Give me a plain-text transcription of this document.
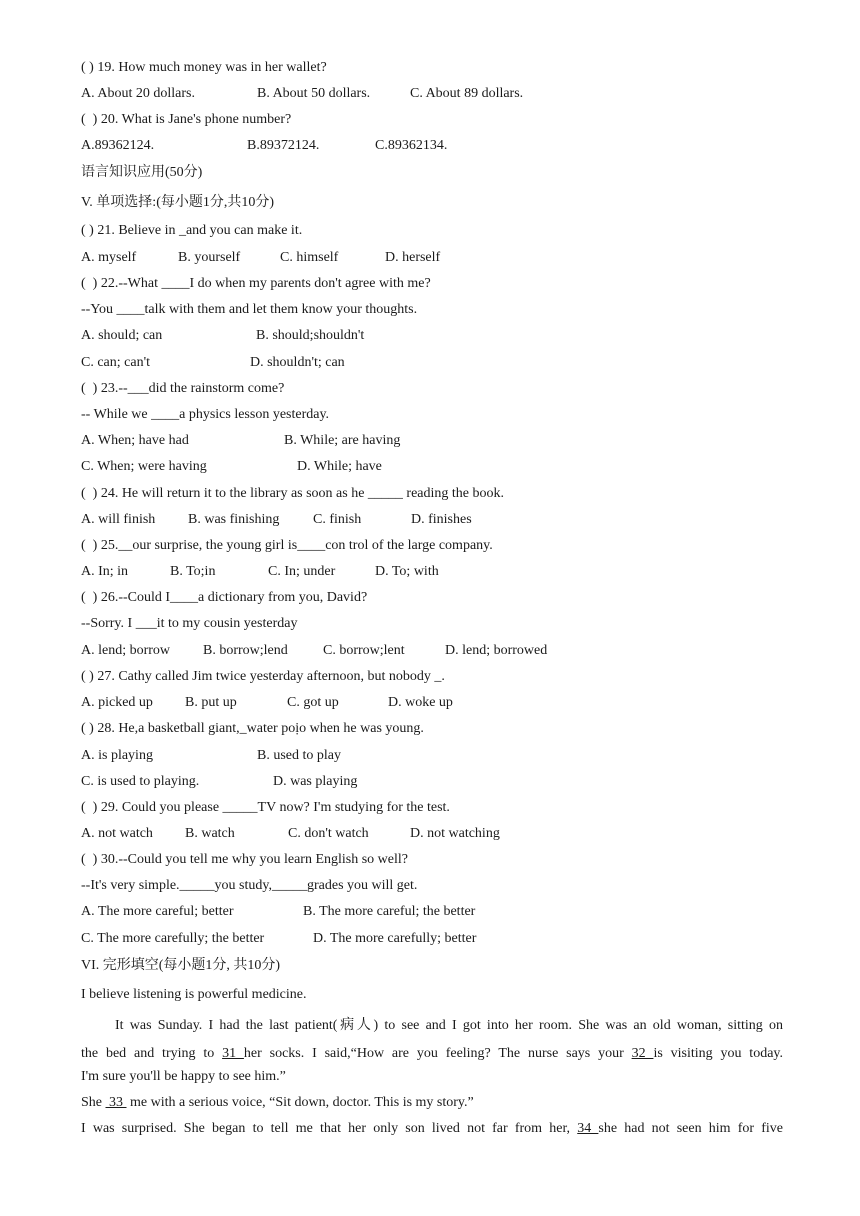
( ) 19. How much money was in her wallet?
A. About 20 dollars.	B. About 50 dollars.	C. About 89 dollars.
(  ) 20. What is Jane's phone number?
A.89362124.	B.89372124.	C.89362134.
语言知识应用(50分)
V. 单项选择:(每小题1分,共10分)
( ) 21. Believe in _and you can make it.
A. myself	B. yourself	C. himself	D. herself
(  ) 22.--What ____I do when my parents don't agree with me?
--You ____talk with them and let them know your thoughts.
A. should; can	B. should;shouldn't
C. can; can't	D. shouldn't; can
(  ) 23.--___did the rainstorm come?
-- While we ____a physics lesson yesterday.
A. When; have had	B. While; are having
C. When; were having	D. While; have
(  ) 24. He will return it to the library as soon as he _____ reading the book.
A. will finish B. was finishing C. finish	D. finishes
(  ) 25.__our surprise, the young girl is____con trol of the large company.
A. In; in	B. To;in	C. In; under	D. To; with
(  ) 26.--Could I____a dictionary from you, David?
--Sorry. I ___it to my cousin yesterday
A. lend; borrow B. borrow;lend	C. borrow;lent	D. lend; borrowed
( ) 27. Cathy called Jim twice yesterday afternoon, but nobody _.
A. picked up B. put up	C. got up	D. woke up
( ) 28. He,a basketball giant,_water poịo when he was young.
A. is playing	B. used to play
C. is used to playing.	D. was playing
(  ) 29. Could you please _____TV now? I'm studying for the test.
A. not watch B. watch	C. don't watch	D. not watching
(  ) 30.--Could you tell me why you learn English so well?
--It's very simple._____you study,_____grades you will get.
A. The more careful; better	B. The more careful; the better
C. The more carefully; the better	D. The more carefully; better
VI. 完形填空(每小题1分, 共10分)
I believe listening is powerful medicine.
It was Sunday. I had the last patient(病人) to see and I got into her room. She was an old woman, sitting on
the bed and trying to 31 her socks. I said,“How are you feeling? The nurse says your 32 is visiting you today.
I'm sure you'll be happy to see him.”
She  33  me with a serious voice, “Sit down, doctor. This is my story.”
I was surprised. She began to tell me that her only son lived not far from her, 34 she had not seen him for five
